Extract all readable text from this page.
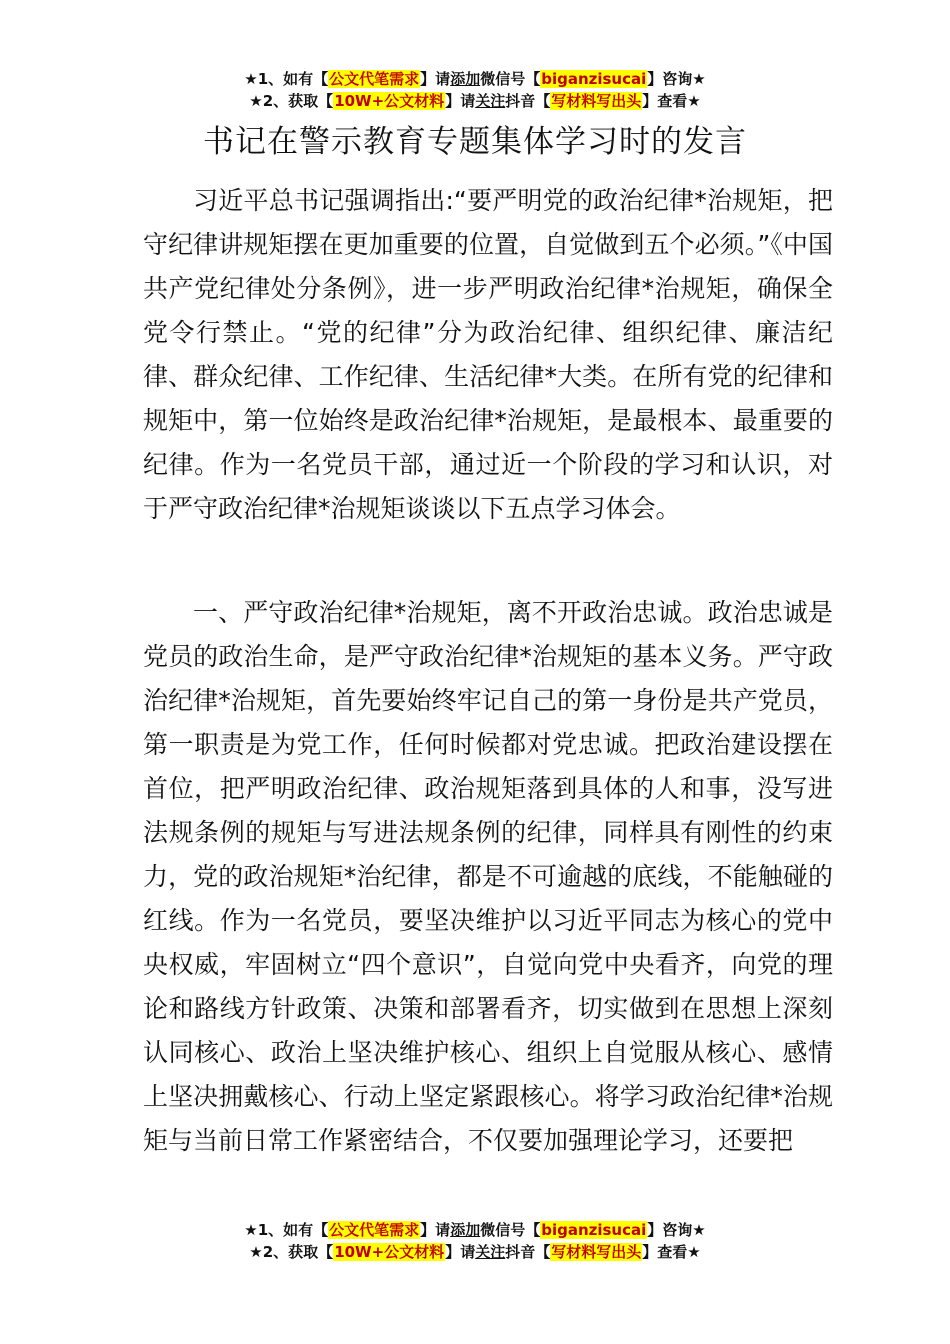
★1、如有【公文代笔需求】请添加微信号【biganzisucai】咨询★
★2、获取【10W+公文材料】请关注抖音【写材料写出头】查看★
书记在警示教育专题集体学习时的发言

习近平总书记强调指出:“要严明党的政治纪律*治规矩，把守纪律讲规矩摆在更加重要的位置，自觉做到五个必须。”《中国共产党纪律处分条例》，进一步严明政治纪律*治规矩，确保全党令行禁止。“党的纪律”分为政治纪律、组织纪律、廉洁纪律、群众纪律、工作纪律、生活纪律*大类。在所有党的纪律和规矩中，第一位始终是政治纪律*治规矩，是最根本、最重要的纪律。作为一名党员干部，通过近一个阶段的学习和认识，对于严守政治纪律*治规矩谈谈以下五点学习体会。

一、严守政治纪律*治规矩，离不开政治忠诚。政治忠诚是党员的政治生命，是严守政治纪律*治规矩的基本义务。严守政治纪律*治规矩，首先要始终牢记自己的第一身份是共产党员，第一职责是为党工作，任何时候都对党忠诚。把政治建设摆在首位，把严明政治纪律、政治规矩落到具体的人和事，没写进法规条例的规矩与写进法规条例的纪律，同样具有刚性的约束力，党的政治规矩*治纪律，都是不可逾越的底线，不能触碰的红线。作为一名党员，要坚决维护以习近平同志为核心的党中央权威，牢固树立“四个意识”，自觉向党中央看齐，向党的理论和路线方针政策、决策和部署看齐，切实做到在思想上深刻认同核心、政治上坚决维护核心、组织上自觉服从核心、感情上坚决拥戴核心、行动上坚定紧跟核心。将学习政治纪律*治规矩与当前日常工作紧密结合，不仅要加强理论学习，还要把

★1、如有【公文代笔需求】请添加微信号【biganzisucai】咨询★
★2、获取【10W+公文材料】请关注抖音【写材料写出头】查看★
